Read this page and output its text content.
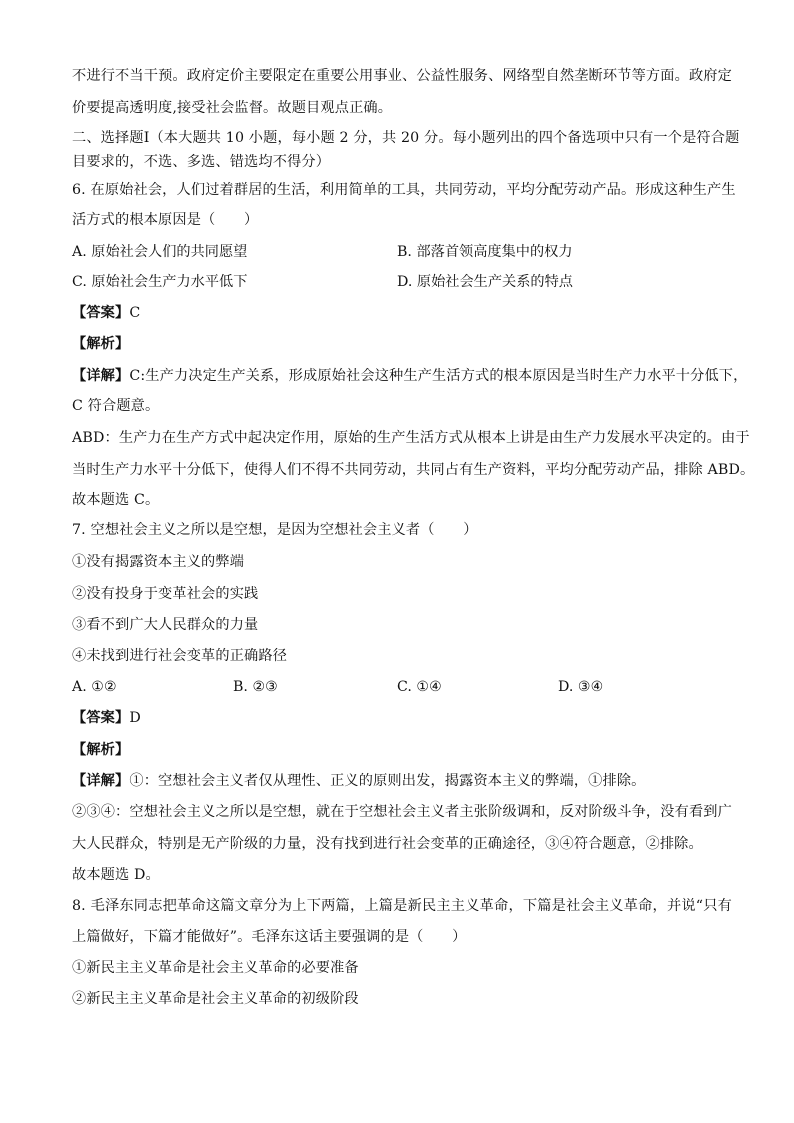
不进行不当干预。政府定价主要限定在重要公用事业、公益性服务、网络型自然垄断环节等方面。政府定
价要提高透明度,接受社会监督。故题目观点正确。
二、选择题Ⅰ（本大题共 10 小题，每小题 2 分，共 20 分。每小题列出的四个备选项中只有一个是符合题
目要求的，不选、多选、错选均不得分）
6. 在原始社会，人们过着群居的生活，利用简单的工具，共同劳动，平均分配劳动产品。形成这种生产生
活方式的根本原因是（　　）
A. 原始社会人们的共同愿望	B. 部落首领高度集中的权力
C. 原始社会生产力水平低下	D. 原始社会生产关系的特点
【答案】C
【解析】
【详解】C:生产力决定生产关系，形成原始社会这种生产生活方式的根本原因是当时生产力水平十分低下，
C 符合题意。
ABD：生产力在生产方式中起决定作用，原始的生产生活方式从根本上讲是由生产力发展水平决定的。由于
当时生产力水平十分低下，使得人们不得不共同劳动，共同占有生产资料，平均分配劳动产品，排除 ABD。
故本题选 C。
7. 空想社会主义之所以是空想，是因为空想社会主义者（　　）
①没有揭露资本主义的弊端
②没有投身于变革社会的实践
③看不到广大人民群众的力量
④未找到进行社会变革的正确路径
A. ①②	B. ②③	C. ①④	D. ③④
【答案】D
【解析】
【详解】①：空想社会主义者仅从理性、正义的原则出发，揭露资本主义的弊端，①排除。
②③④：空想社会主义之所以是空想，就在于空想社会主义者主张阶级调和，反对阶级斗争，没有看到广
大人民群众，特别是无产阶级的力量，没有找到进行社会变革的正确途径，③④符合题意，②排除。
故本题选 D。
8. 毛泽东同志把革命这篇文章分为上下两篇，上篇是新民主主义革命，下篇是社会主义革命，并说“只有
上篇做好，下篇才能做好”。毛泽东这话主要强调的是（　　）
①新民主主义革命是社会主义革命的必要准备
②新民主主义革命是社会主义革命的初级阶段
